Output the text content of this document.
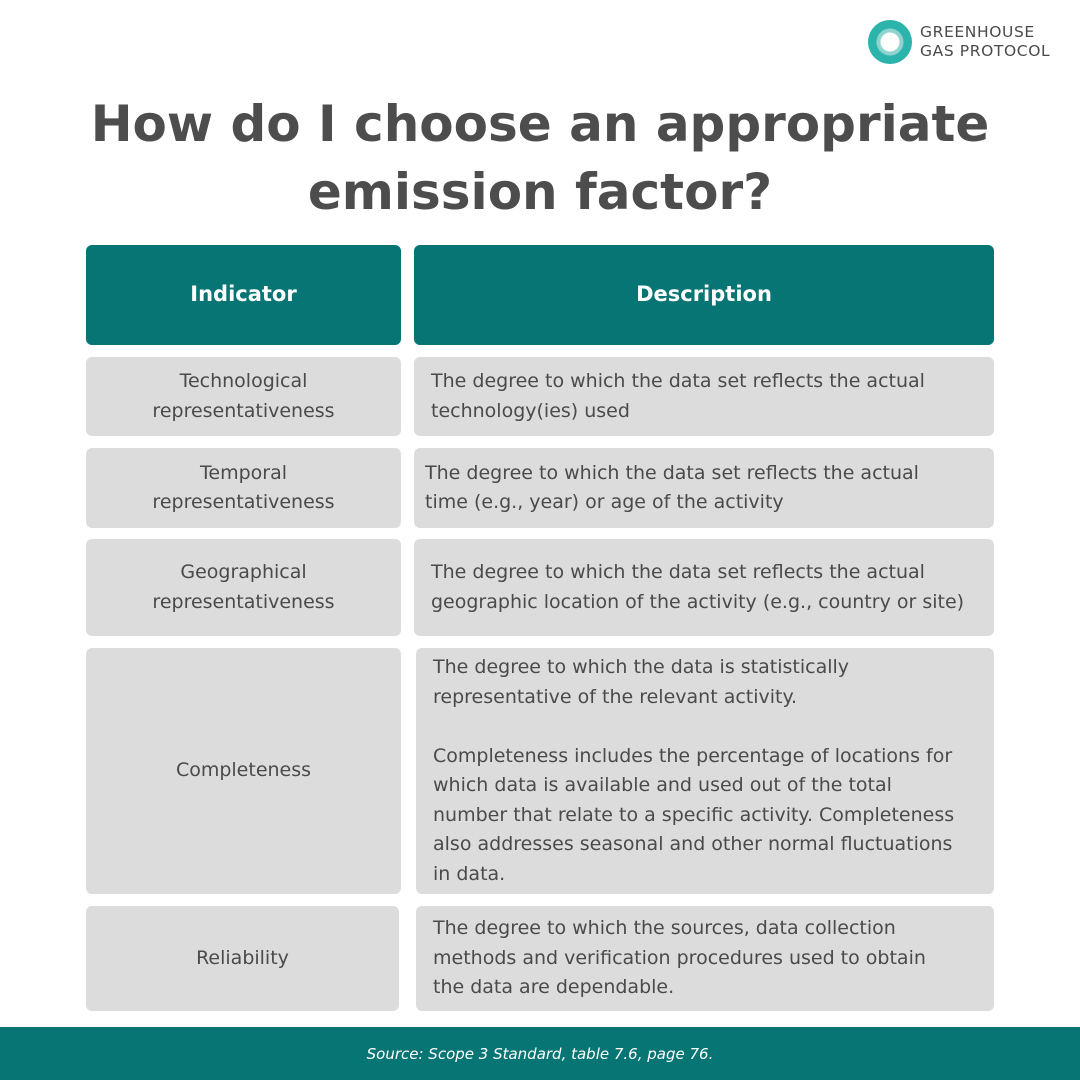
GREENHOUSE
GAS PROTOCOL
How do I choose an appropriate
emission factor?
Indicator	Description
Technological
representativeness

The degree to which the data set reflects the actual
technology(ies) used

Temporal
representativeness

The degree to which the data set reflects the actual
time (e.g., year) or age of the activity

Geographical
representativeness

The degree to which the data set reflects the actual
geographic location of the activity (e.g., country or site)

Completeness

The degree to which the data is statistically
representative of the relevant activity.

Completeness includes the percentage of locations for
which data is available and used out of the total
number that relate to a specific activity. Completeness
also addresses seasonal and other normal fluctuations
in data.

Reliability

The degree to which the sources, data collection
methods and verification procedures used to obtain
the data are dependable.

Source: Scope 3 Standard, table 7.6, page 76.
